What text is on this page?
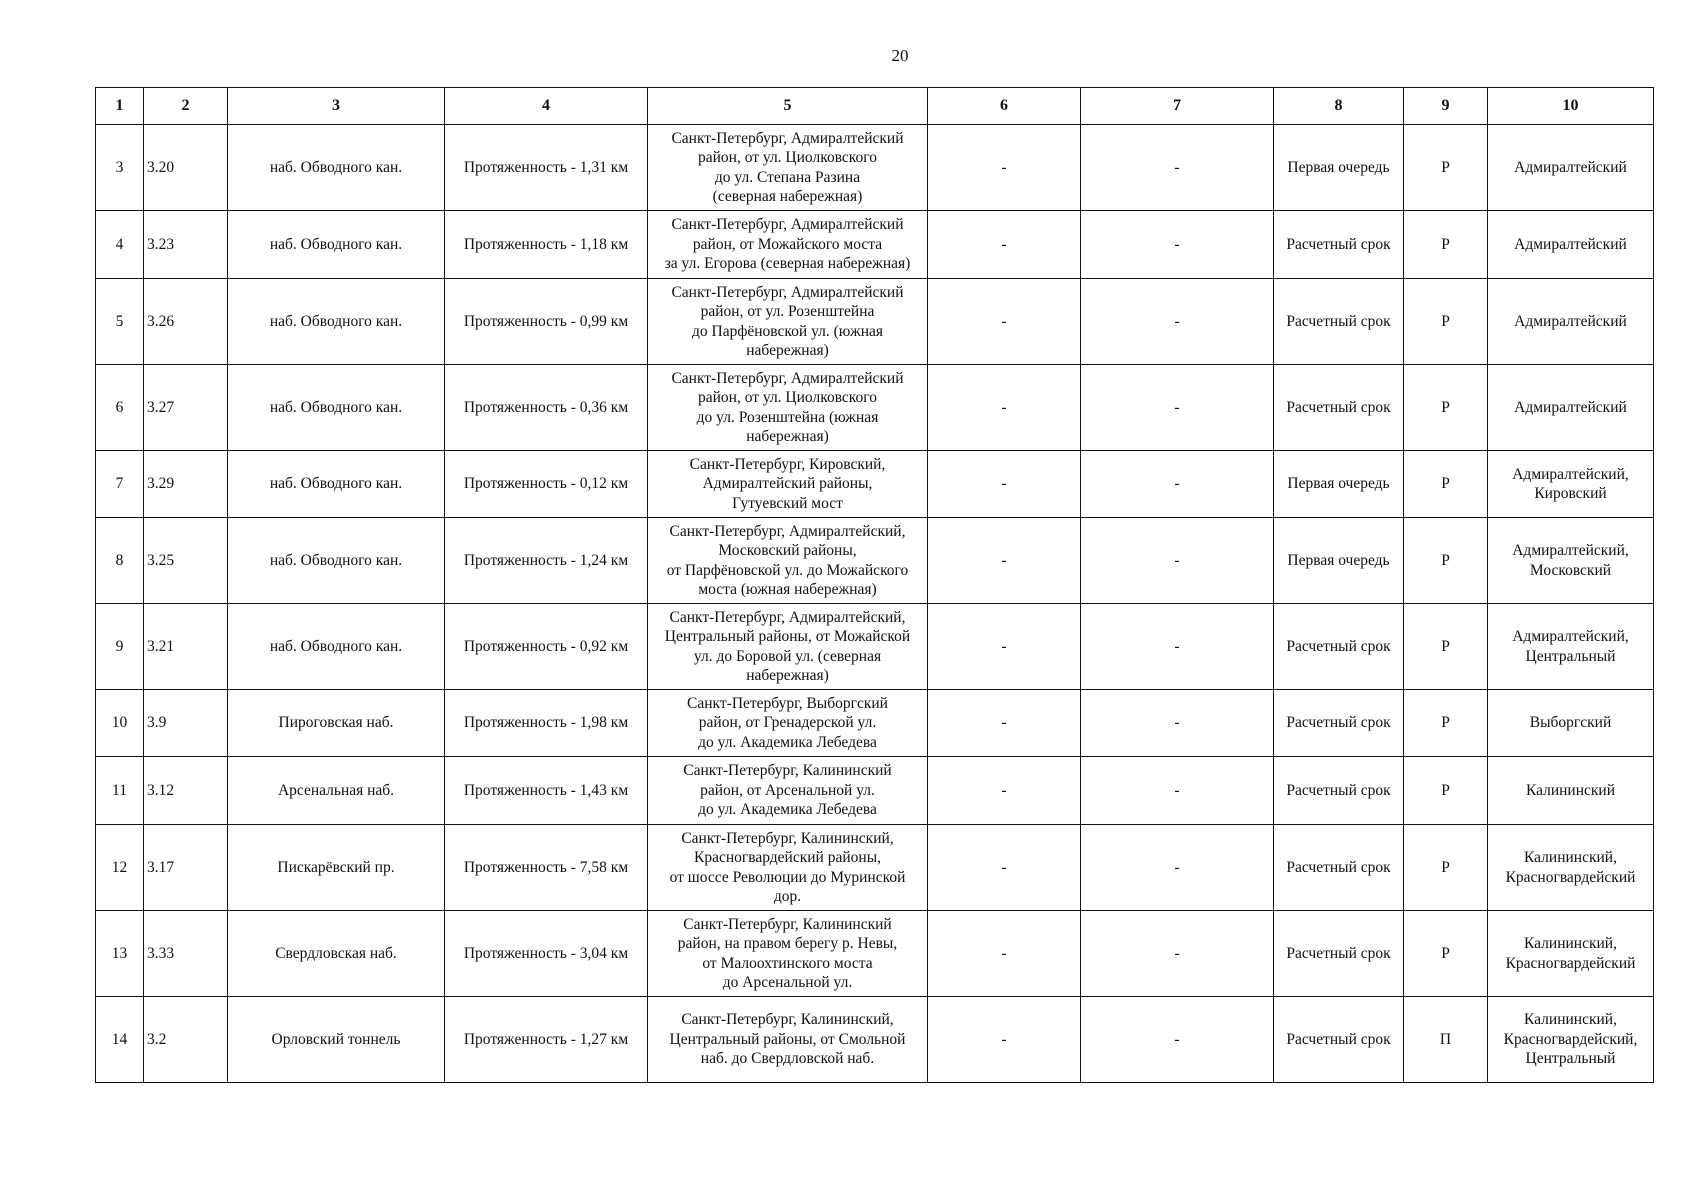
20
1	2	3	4	5	6	7	8	9	10
3	3.20	наб. Обводного кан.	Протяженность - 1,31 км	Санкт-Петербург, Адмиралтейский
район, от ул. Циолковского
до ул. Степана Разина
(северная набережная)	-	-	Первая очередь	Р	Адмиралтейский

4	3.23	наб. Обводного кан.	Протяженность - 1,18 км	Санкт-Петербург, Адмиралтейский
район, от Можайского моста
за ул. Егорова (северная набережная)	-	-	Расчетный срок	Р	Адмиралтейский

5	3.26	наб. Обводного кан.	Протяженность - 0,99 км	Санкт-Петербург, Адмиралтейский
район, от ул. Розенштейна
до Парфёновской ул. (южная
набережная)	-	-	Расчетный срок	Р	Адмиралтейский

6	3.27	наб. Обводного кан.	Протяженность - 0,36 км	Санкт-Петербург, Адмиралтейский
район, от ул. Циолковского
до ул. Розенштейна (южная
набережная)	-	-	Расчетный срок	Р	Адмиралтейский

7	3.29	наб. Обводного кан.	Протяженность - 0,12 км	Санкт-Петербург, Кировский,
Адмиралтейский районы,
Гутуевский мост	-	-	Первая очередь	Р	Адмиралтейский,
Кировский

8	3.25	наб. Обводного кан.	Протяженность - 1,24 км	Санкт-Петербург, Адмиралтейский,
Московский районы,
от Парфёновской ул. до Можайского
моста (южная набережная)	-	-	Первая очередь	Р	Адмиралтейский,
Московский

9	3.21	наб. Обводного кан.	Протяженность - 0,92 км	Санкт-Петербург, Адмиралтейский,
Центральный районы, от Можайской
ул. до Боровой ул. (северная
набережная)	-	-	Расчетный срок	Р	Адмиралтейский,
Центральный

10	3.9	Пироговская наб.	Протяженность - 1,98 км	Санкт-Петербург, Выборгский
район, от Гренадерской ул.
до ул. Академика Лебедева	-	-	Расчетный срок	Р	Выборгский

11	3.12	Арсенальная наб.	Протяженность - 1,43 км	Санкт-Петербург, Калининский
район, от Арсенальной ул.
до ул. Академика Лебедева	-	-	Расчетный срок	Р	Калининский

12	3.17	Пискарёвский пр.	Протяженность - 7,58 км	Санкт-Петербург, Калининский,
Красногвардейский районы,
от шоссе Революции до Муринской
дор.	-	-	Расчетный срок	Р	Калининский,
Красногвардейский

13	3.33	Свердловская наб.	Протяженность - 3,04 км	Санкт-Петербург, Калининский
район, на правом берегу р. Невы,
от Малоохтинского моста
до Арсенальной ул.	-	-	Расчетный срок	Р	Калининский,
Красногвардейский

14	3.2	Орловский тоннель	Протяженность - 1,27 км	Санкт-Петербург, Калининский,
Центральный районы, от Смольной
наб. до Свердловской наб.	-	-	Расчетный срок	П	Калининский,
Красногвардейский,
Центральный
